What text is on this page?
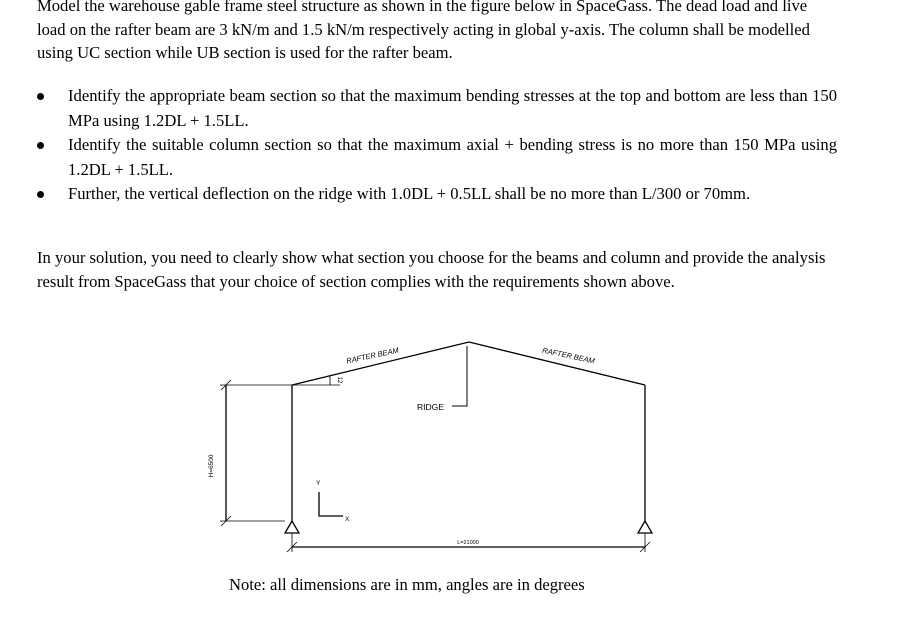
Model the warehouse gable frame steel structure as shown in the figure below in SpaceGass. The dead load and live load on the rafter beam are 3 kN/m and 1.5 kN/m respectively acting in global y-axis. The column shall be modelled using UC section while UB section is used for the rafter beam.

Identify the appropriate beam section so that the maximum bending stresses at the top and bottom are less than 150 MPa using 1.2DL + 1.5LL.
Identify the suitable column section so that the maximum axial + bending stress is no more than 150 MPa using 1.2DL + 1.5LL.
Further, the vertical deflection on the ridge with 1.0DL + 0.5LL shall be no more than L/300 or 70mm.

In your solution, you need to clearly show what section you choose for the beams and column and provide the analysis result from SpaceGass that your choice of section complies with the requirements shown above.

RAFTER BEAM	RAFTER BEAM
RIDGE
H=6500
L=21000
12
Y
X

Note: all dimensions are in mm, angles are in degrees
